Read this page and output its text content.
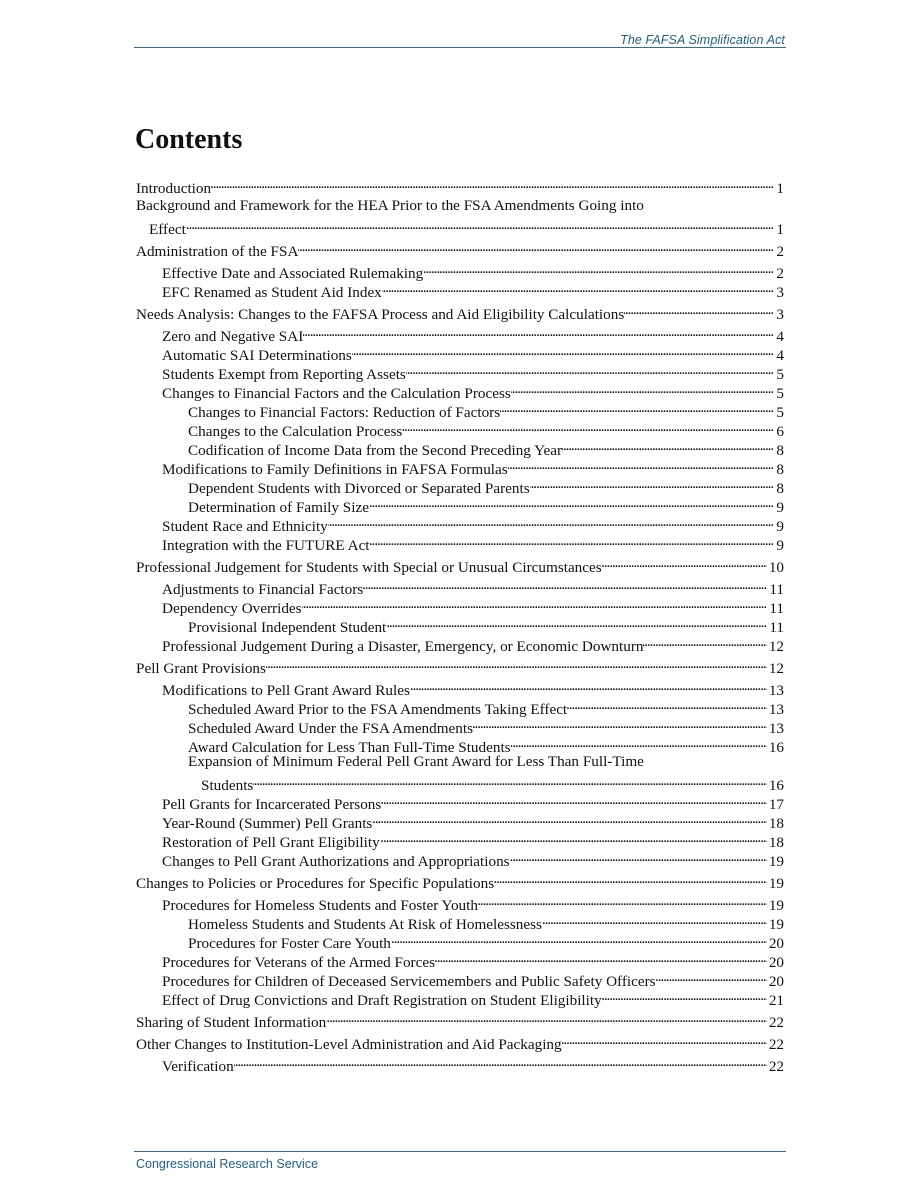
The FAFSA Simplification Act
Contents
Introduction . . .	1
Background and Framework for the HEA Prior to the FSA Amendments Going into
Effect . . .	1
Administration of the FSA . . .	2
Effective Date and Associated Rulemaking . . .	2
EFC Renamed as Student Aid Index . . .	3
Needs Analysis: Changes to the FAFSA Process and Aid Eligibility Calculations . . .	3
Zero and Negative SAI . . .	4
Automatic SAI Determinations . . .	4
Students Exempt from Reporting Assets . . .	5
Changes to Financial Factors and the Calculation Process . . .	5
Changes to Financial Factors: Reduction of Factors . . .	5
Changes to the Calculation Process . . .	6
Codification of Income Data from the Second Preceding Year . . .	8
Modifications to Family Definitions in FAFSA Formulas . . .	8
Dependent Students with Divorced or Separated Parents . . .	8
Determination of Family Size . . .	9
Student Race and Ethnicity . . .	9
Integration with the FUTURE Act . . .	9
Professional Judgement for Students with Special or Unusual Circumstances . . .	10
Adjustments to Financial Factors . . .	11
Dependency Overrides . . .	11
Provisional Independent Student . . .	11
Professional Judgement During a Disaster, Emergency, or Economic Downturn . . .	12
Pell Grant Provisions . . .	12
Modifications to Pell Grant Award Rules . . .	13
Scheduled Award Prior to the FSA Amendments Taking Effect . . .	13
Scheduled Award Under the FSA Amendments . . .	13
Award Calculation for Less Than Full-Time Students . . .	16
Expansion of Minimum Federal Pell Grant Award for Less Than Full-Time
Students . . .	16
Pell Grants for Incarcerated Persons . . .	17
Year-Round (Summer) Pell Grants . . .	18
Restoration of Pell Grant Eligibility . . .	18
Changes to Pell Grant Authorizations and Appropriations . . .	19
Changes to Policies or Procedures for Specific Populations . . .	19
Procedures for Homeless Students and Foster Youth . . .	19
Homeless Students and Students At Risk of Homelessness . . .	19
Procedures for Foster Care Youth . . .	20
Procedures for Veterans of the Armed Forces . . .	20
Procedures for Children of Deceased Servicemembers and Public Safety Officers . . .	20
Effect of Drug Convictions and Draft Registration on Student Eligibility . . .	21
Sharing of Student Information . . .	22
Other Changes to Institution-Level Administration and Aid Packaging . . .	22
Verification . . .	22
Congressional Research Service
